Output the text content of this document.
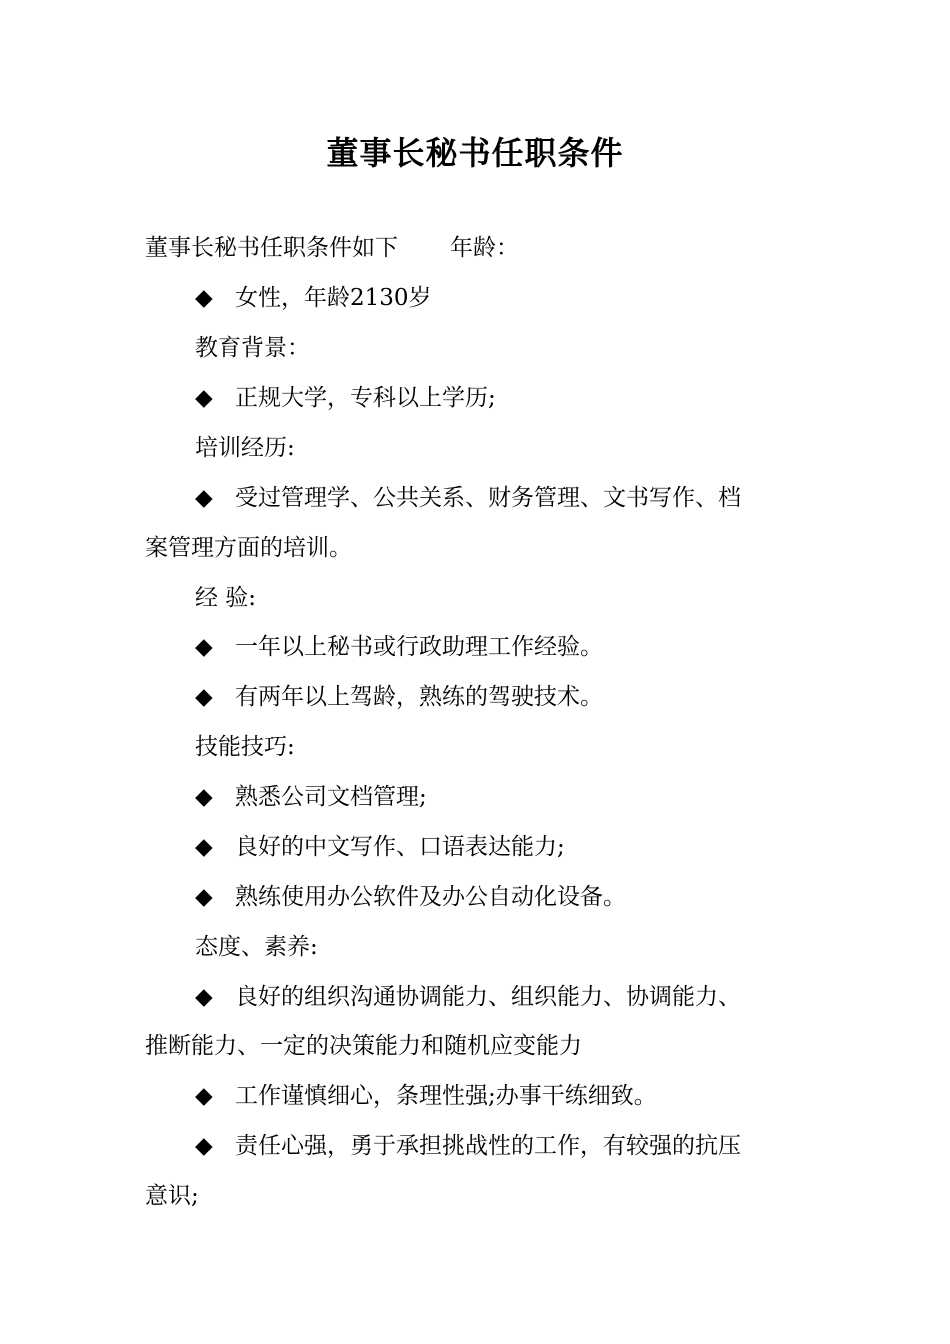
董事长秘书任职条件
董事长秘书任职条件如下 年龄：
◆ 女性，年龄2130岁
教育背景：
◆ 正规大学，专科以上学历;
培训经历:
◆ 受过管理学、公共关系、财务管理、文书写作、档
案管理方面的培训。
经 验:
◆ 一年以上秘书或行政助理工作经验。
◆ 有两年以上驾龄，熟练的驾驶技术。
技能技巧:
◆ 熟悉公司文档管理;
◆ 良好的中文写作、口语表达能力;
◆ 熟练使用办公软件及办公自动化设备。
态度、素养:
◆ 良好的组织沟通协调能力、组织能力、协调能力、
推断能力、一定的决策能力和随机应变能力
◆ 工作谨慎细心，条理性强;办事干练细致。
◆ 责任心强，勇于承担挑战性的工作，有较强的抗压
意识;
